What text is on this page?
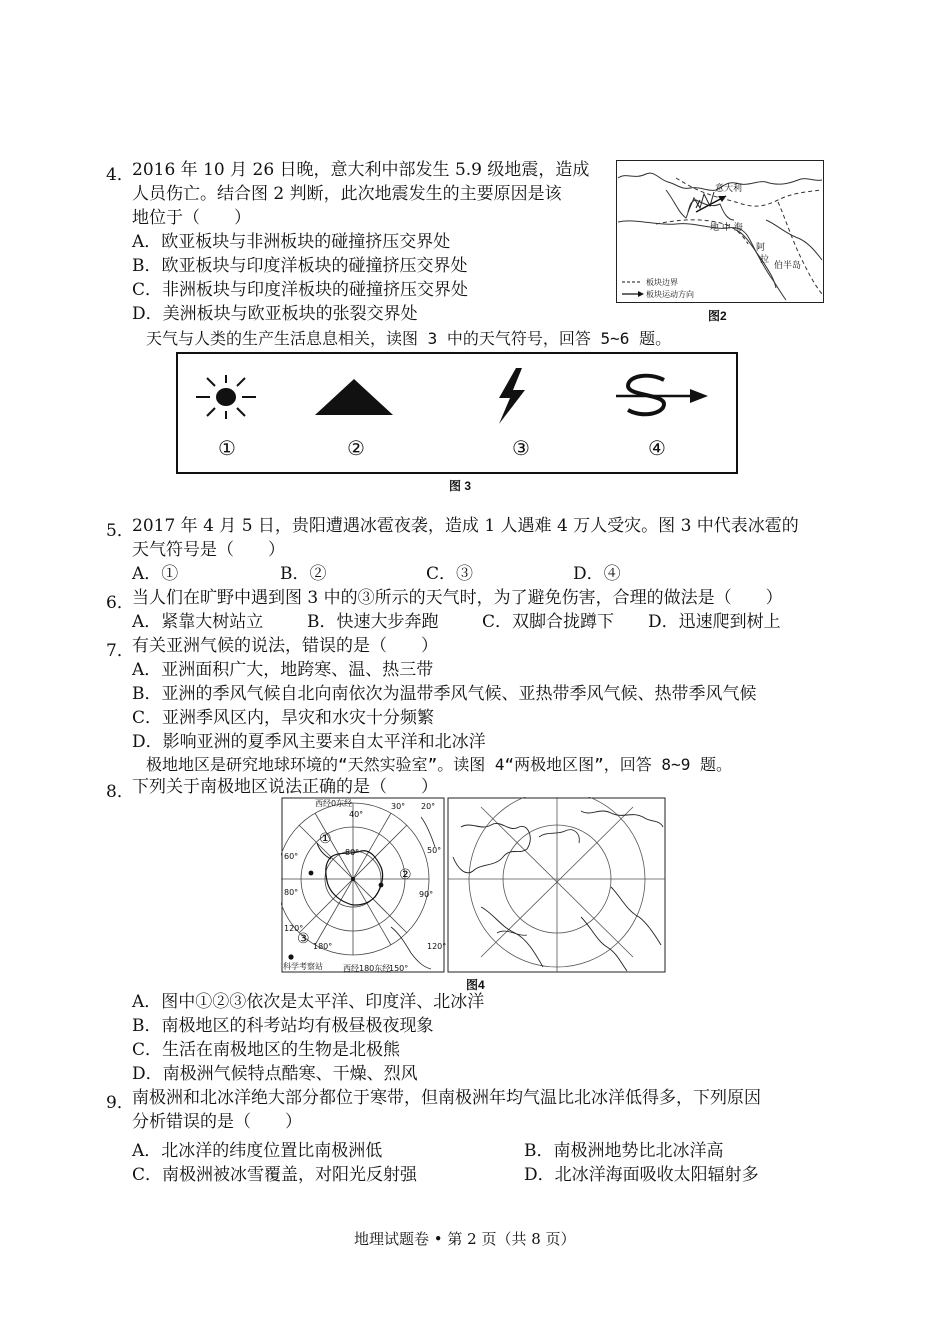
4．
2016 年 10 月 26 日晚，意大利中部发生 5.9 级地震，造成
人员伤亡。结合图 2 判断，此次地震发生的主要原因是该
地位于（　　）
A．欧亚板块与非洲板块的碰撞挤压交界处
B．欧亚板块与印度洋板块的碰撞挤压交界处
C．非洲板块与印度洋板块的碰撞挤压交界处
D．美洲板块与欧亚板块的张裂交界处
意大利
地 中 海
阿
拉
伯半岛
板块边界
板块运动方向
图2
天气与人类的生产生活息息相关，读图 3 中的天气符号，回答 5~6 题。
①	②	③	④
图 3
5．
2017 年 4 月 5 日，贵阳遭遇冰雹夜袭，造成 1 人遇难 4 万人受灾。图 3 中代表冰雹的
天气符号是（　　）
A．①	B．②	C．③	D．④
6．
当人们在旷野中遇到图 3 中的③所示的天气时，为了避免伤害，合理的做法是（　　）
A．紧靠大树站立	B．快速大步奔跑	C．双脚合拢蹲下 D．迅速爬到树上
7．
有关亚洲气候的说法，错误的是（　　）
A．亚洲面积广大，地跨寒、温、热三带
B．亚洲的季风气候自北向南依次为温带季风气候、亚热带季风气候、热带季风气候
C．亚洲季风区内，旱灾和水灾十分频繁
D．影响亚洲的夏季风主要来自太平洋和北冰洋
极地地区是研究地球环境的“天然实验室”。读图 4“两极地区图”，回答 8~9 题。
8．
下列关于南极地区说法正确的是（　　）
西经0东经	30° 20°
40°
50°
60°	80°
80°	90°
120°
120°
180°
150°
西经180东经
科学考察站
①
②
③
图4
A．图中①②③依次是太平洋、印度洋、北冰洋
B．南极地区的科考站均有极昼极夜现象
C．生活在南极地区的生物是北极熊
D．南极洲气候特点酷寒、干燥、烈风
9．
南极洲和北冰洋绝大部分都位于寒带，但南极洲年均气温比北冰洋低得多，下列原因
分析错误的是（　　）
A．北冰洋的纬度位置比南极洲低	B．南极洲地势比北冰洋高
C．南极洲被冰雪覆盖，对阳光反射强	D．北冰洋海面吸收太阳辐射多
地理试题卷 • 第 2 页（共 8 页）
